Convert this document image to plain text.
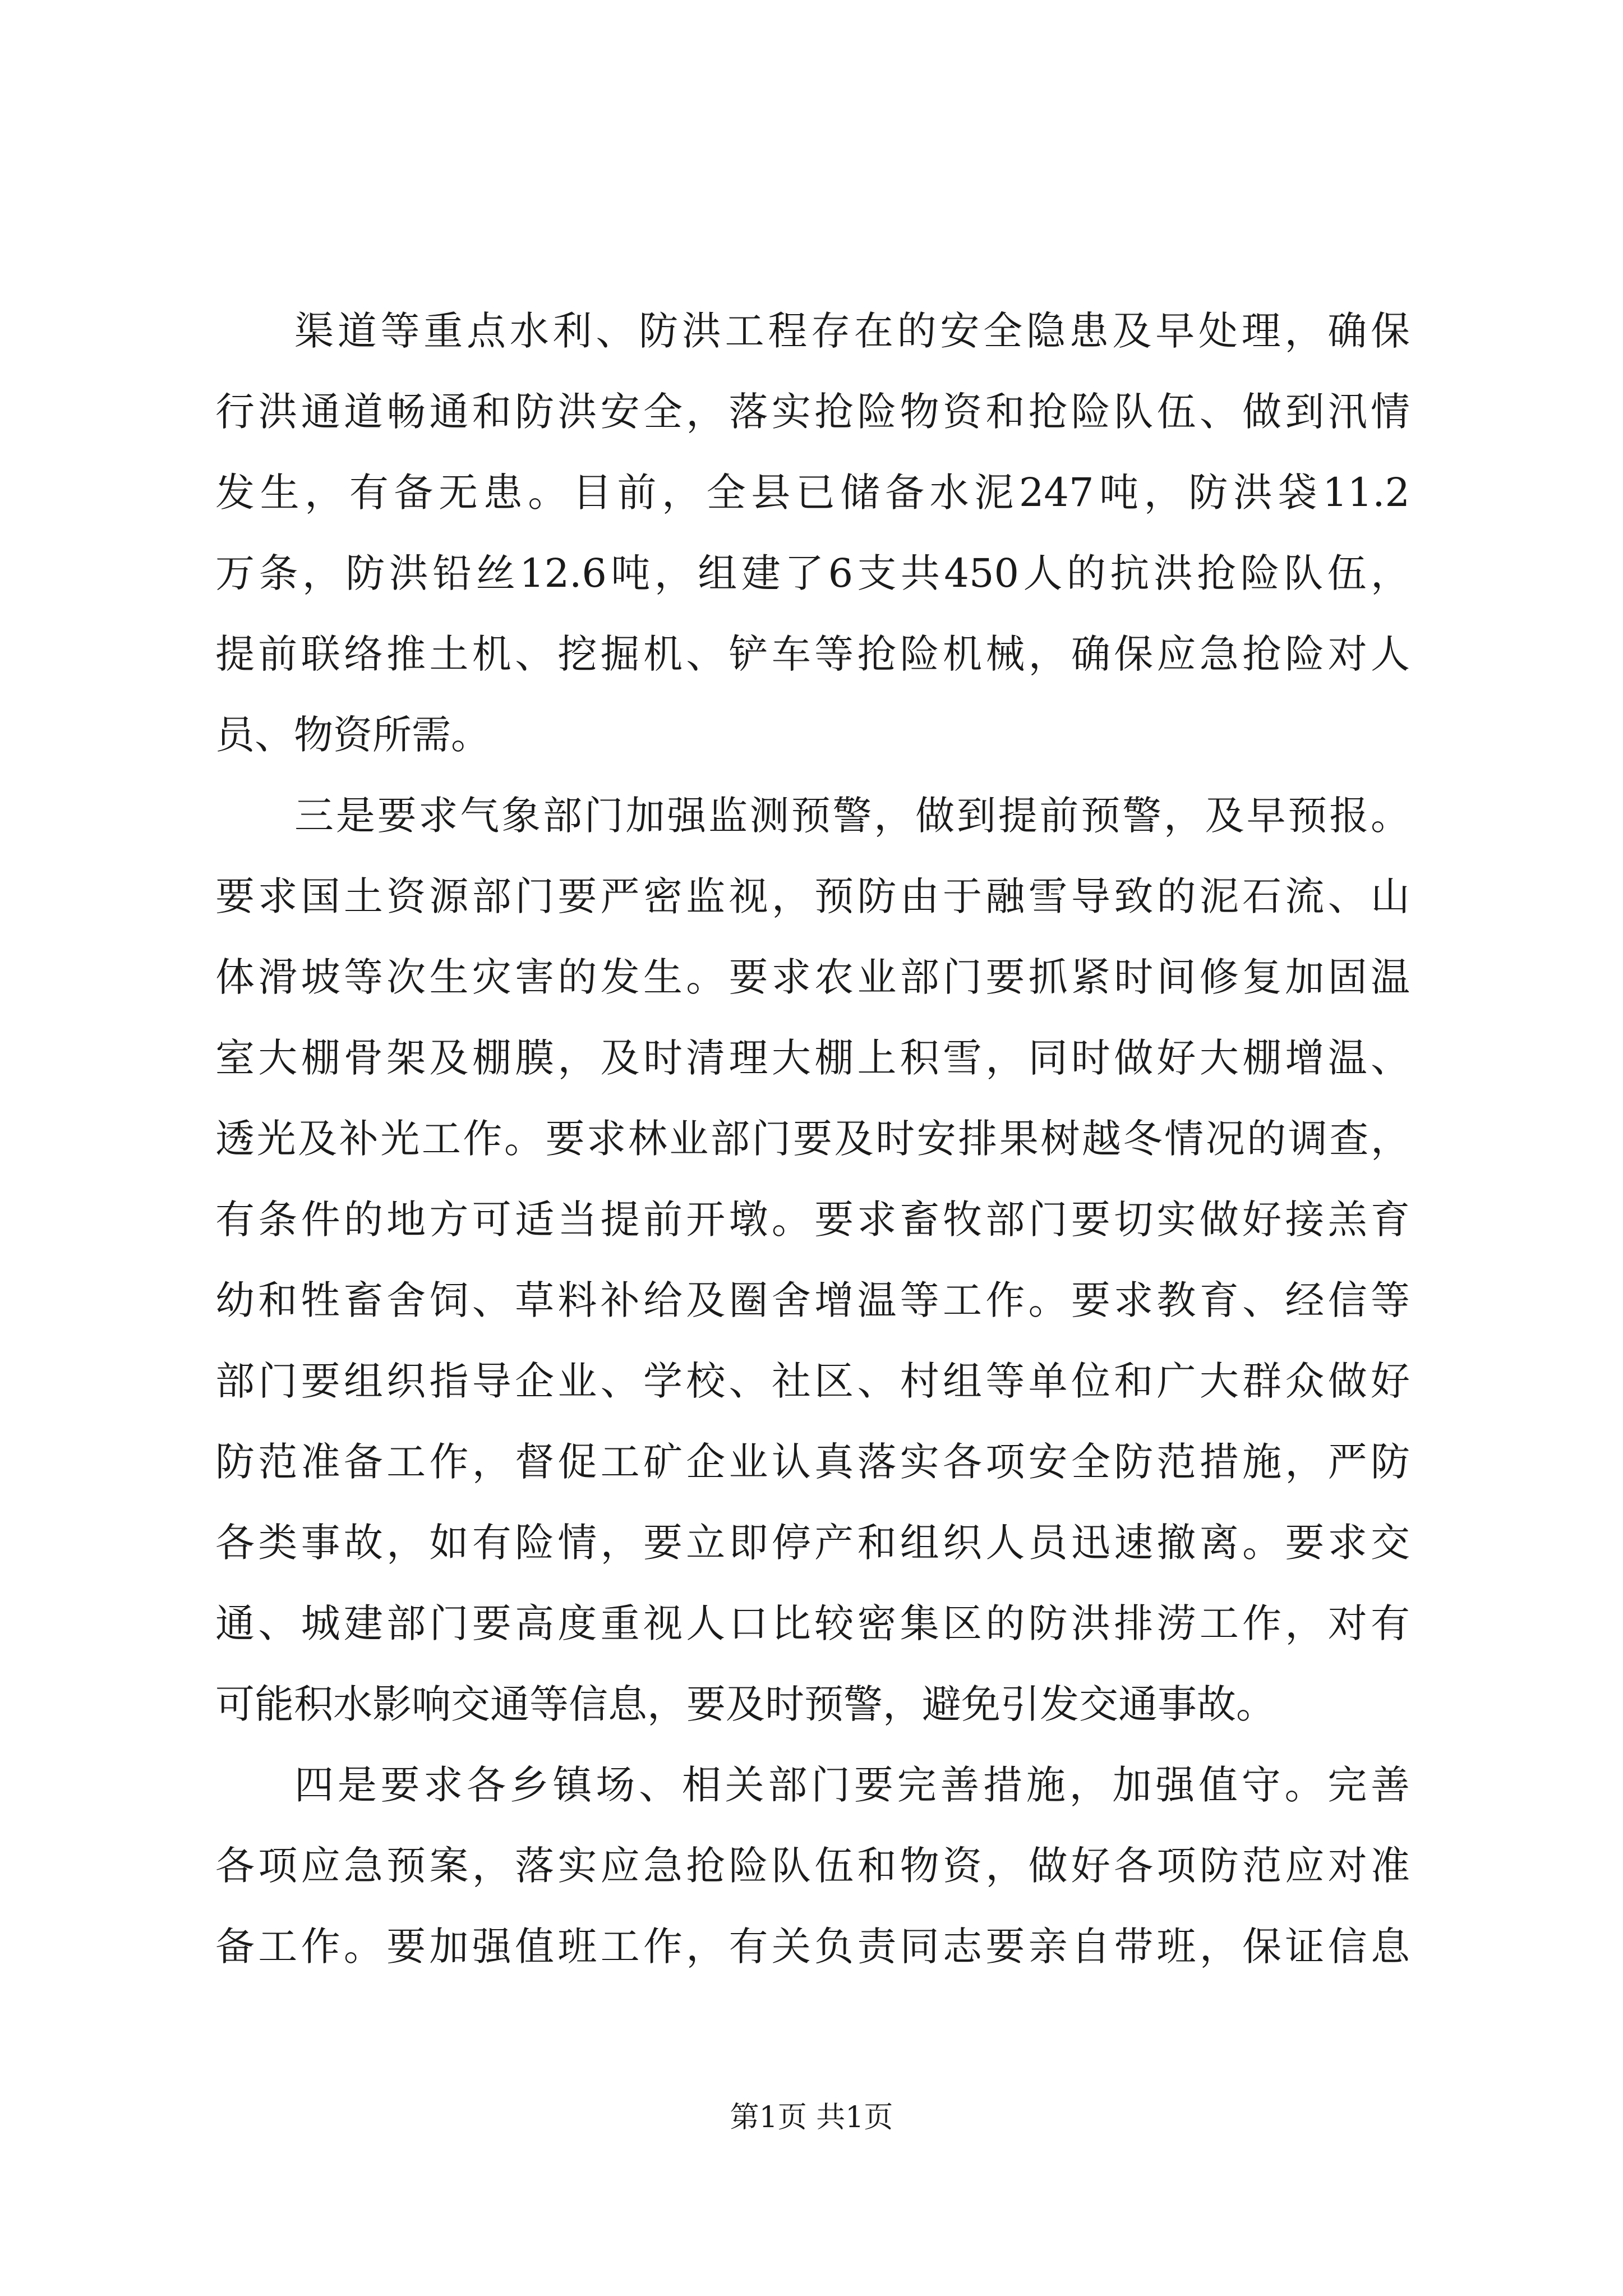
渠道等重点水利、防洪工程存在的安全隐患及早处理，确保
行洪通道畅通和防洪安全，落实抢险物资和抢险队伍、做到汛情
发生，有备无患。目前，全县已储备水泥247吨，防洪袋11.2
万条，防洪铅丝12.6吨，组建了6支共450人的抗洪抢险队伍，
提前联络推土机、挖掘机、铲车等抢险机械，确保应急抢险对人
员、物资所需。
三是要求气象部门加强监测预警，做到提前预警，及早预报。
要求国土资源部门要严密监视，预防由于融雪导致的泥石流、山
体滑坡等次生灾害的发生。要求农业部门要抓紧时间修复加固温
室大棚骨架及棚膜，及时清理大棚上积雪，同时做好大棚增温、
透光及补光工作。要求林业部门要及时安排果树越冬情况的调查，
有条件的地方可适当提前开墩。要求畜牧部门要切实做好接羔育
幼和牲畜舍饲、草料补给及圈舍增温等工作。要求教育、经信等
部门要组织指导企业、学校、社区、村组等单位和广大群众做好
防范准备工作，督促工矿企业认真落实各项安全防范措施，严防
各类事故，如有险情，要立即停产和组织人员迅速撤离。要求交
通、城建部门要高度重视人口比较密集区的防洪排涝工作，对有
可能积水影响交通等信息，要及时预警，避免引发交通事故。
四是要求各乡镇场、相关部门要完善措施，加强值守。完善
各项应急预案，落实应急抢险队伍和物资，做好各项防范应对准
备工作。要加强值班工作，有关负责同志要亲自带班，保证信息
第1页 共1页
